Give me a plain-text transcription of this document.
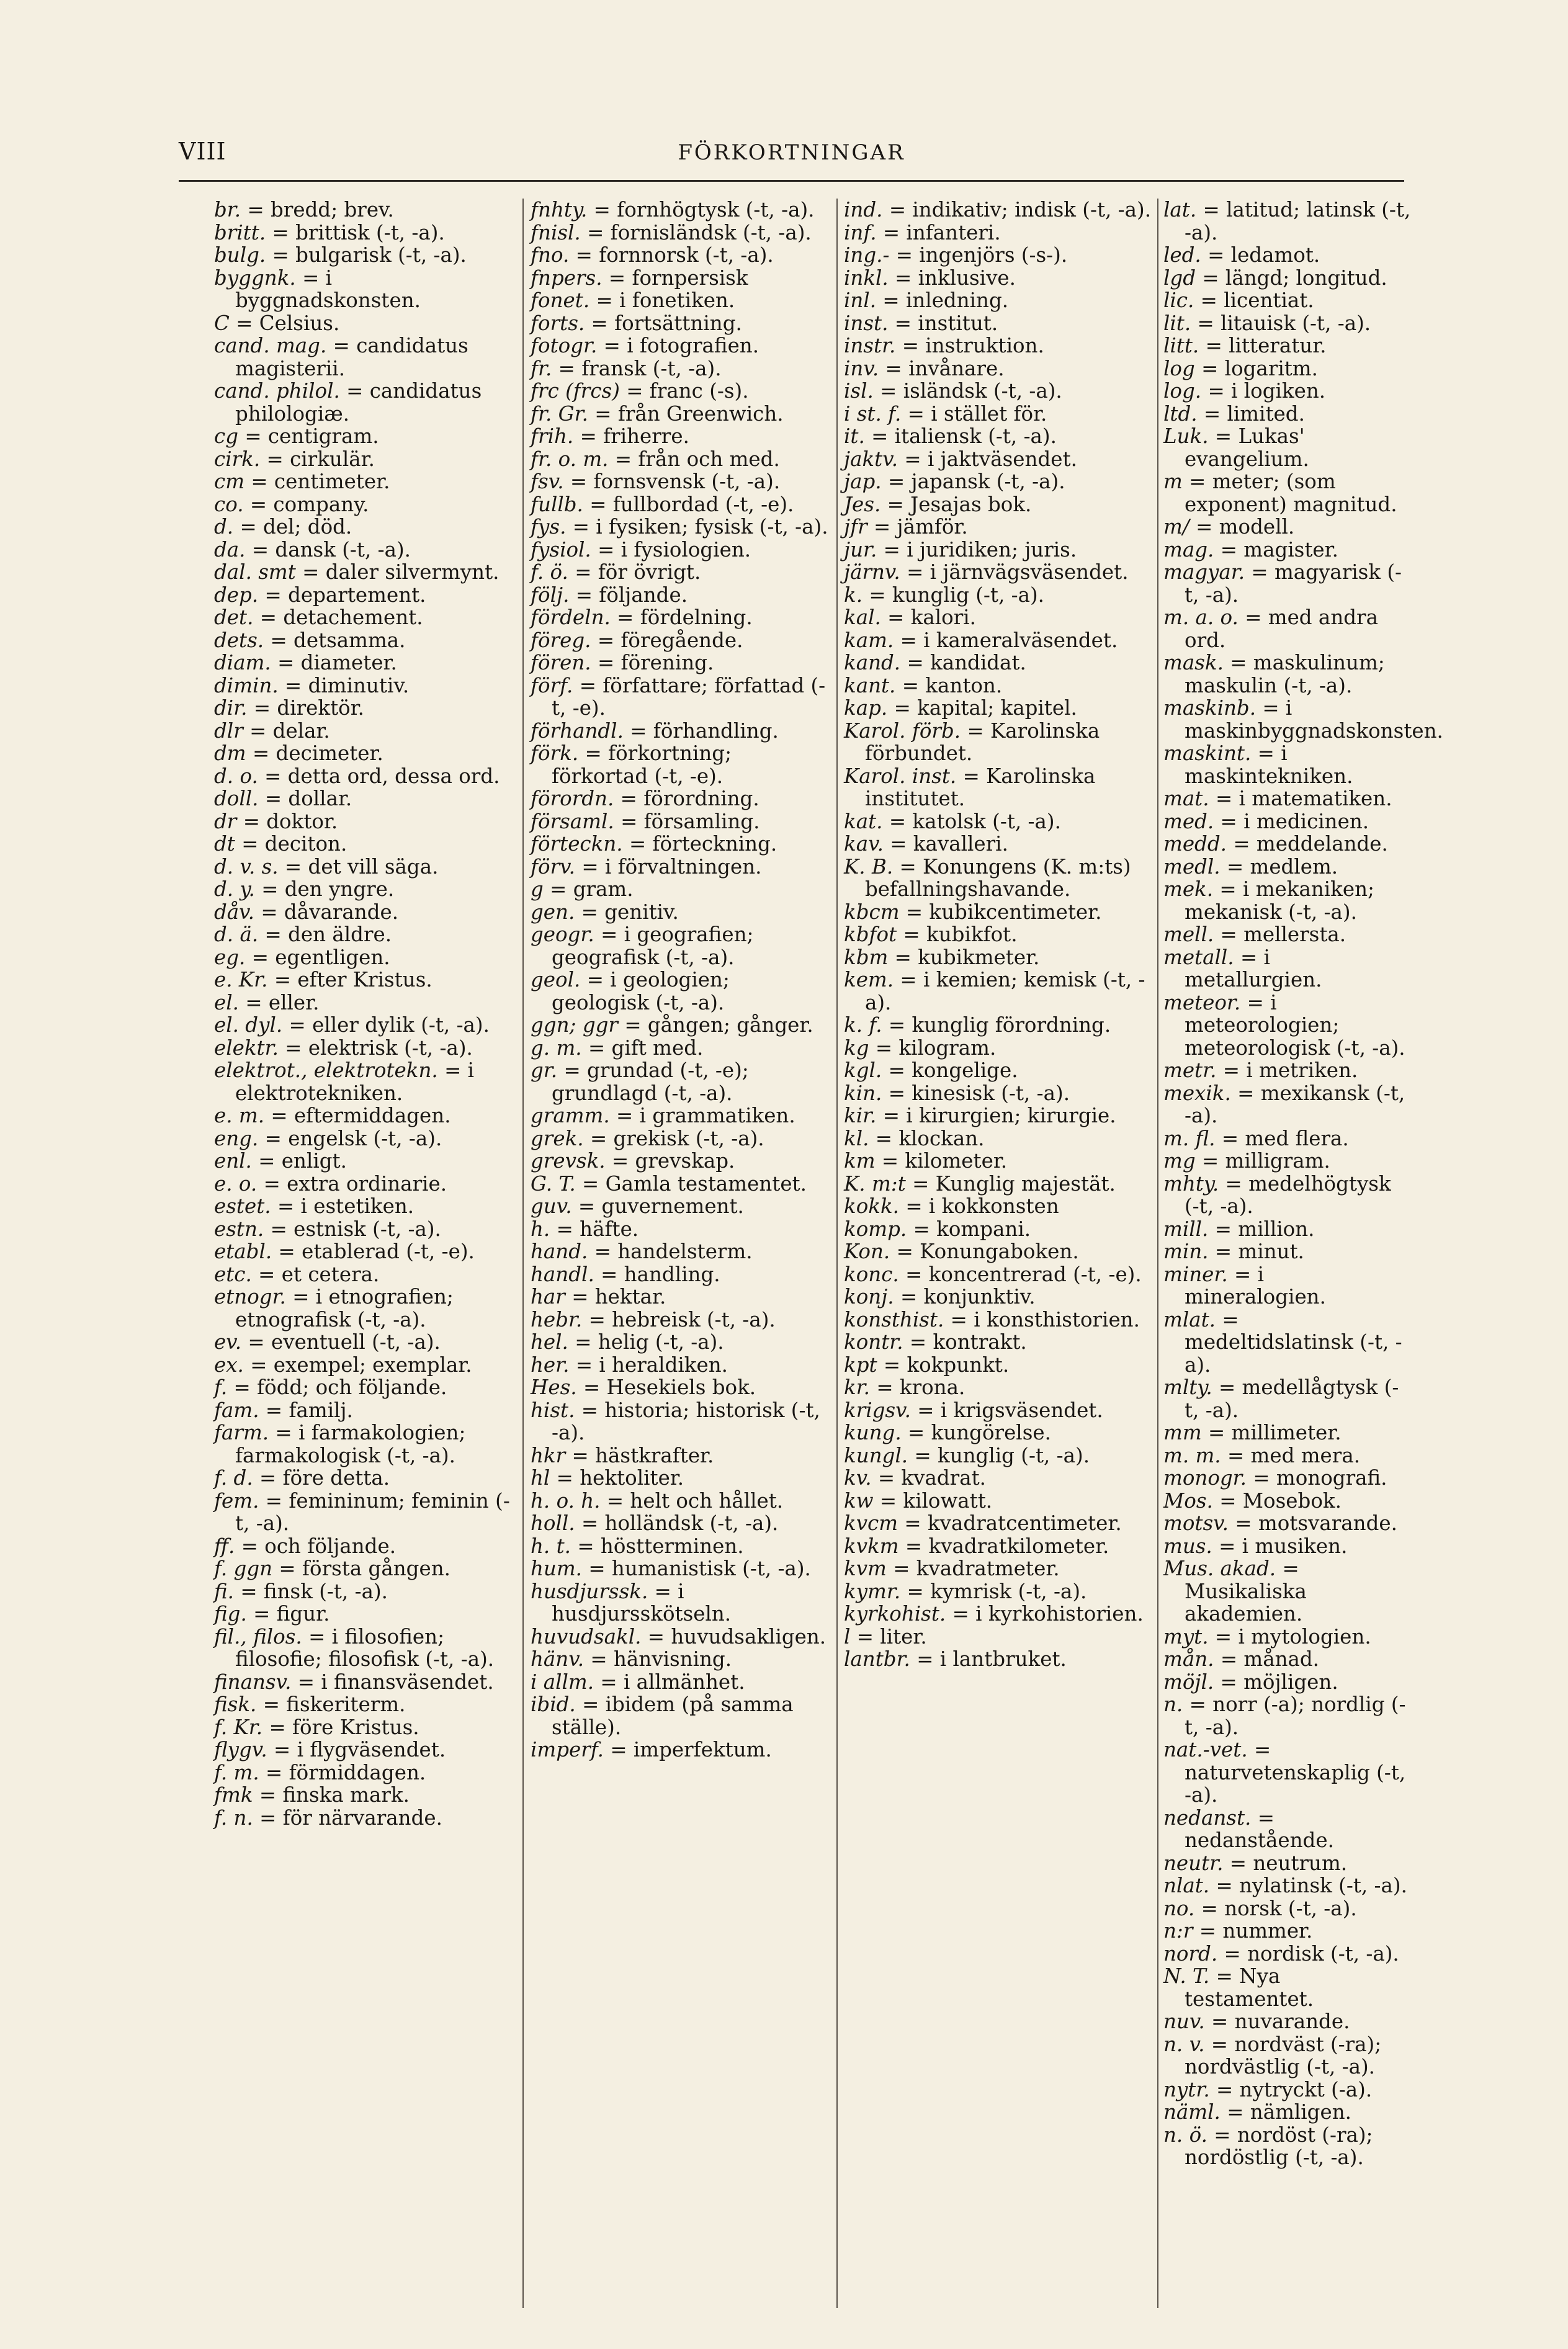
VIII	FÖRKORTNINGAR
br. = bredd; brev.
britt. = brittisk (-t, -a).
bulg. = bulgarisk (-t, -a).
byggnk. = i byggnadskonsten.
C = Celsius.
cand. mag. = candidatus magisterii.
cand. philol. = candidatus philologiæ.
cg = centigram.
cirk. = cirkulär.
cm = centimeter.
co. = company.
d. = del; död.
da. = dansk (-t, -a).
dal. smt = daler silvermynt.
dep. = departement.
det. = detachement.
dets. = detsamma.
diam. = diameter.
dimin. = diminutiv.
dir. = direktör.
dlr = delar.
dm = decimeter.
d. o. = detta ord, dessa ord.
doll. = dollar.
dr = doktor.
dt = deciton.
d. v. s. = det vill säga.
d. y. = den yngre.
dåv. = dåvarande.
d. ä. = den äldre.
eg. = egentligen.
e. Kr. = efter Kristus.
el. = eller.
el. dyl. = eller dylik (-t, -a).
elektr. = elektrisk (-t, -a).
elektrot., elektrotekn. = i elektrotekniken.
e. m. = eftermiddagen.
eng. = engelsk (-t, -a).
enl. = enligt.
e. o. = extra ordinarie.
estet. = i estetiken.
estn. = estnisk (-t, -a).
etabl. = etablerad (-t, -e).
etc. = et cetera.
etnogr. = i etnografien; etnografisk (-t, -a).
ev. = eventuell (-t, -a).
ex. = exempel; exemplar.
f. = född; och följande.
fam. = familj.
farm. = i farmakologien; farmakologisk (-t, -a).
f. d. = före detta.
fem. = femininum; feminin (-t, -a).
ff. = och följande.
f. ggn = första gången.
fi. = finsk (-t, -a).
fig. = figur.
fil., filos. = i filosofien; filosofie; filosofisk (-t, -a).
finansv. = i finansväsendet.
fisk. = fiskeriterm.
f. Kr. = före Kristus.
flygv. = i flygväsendet.
f. m. = förmiddagen.
fmk = finska mark.
f. n. = för närvarande.
fnhty. = fornhögtysk (-t, -a).
fnisl. = fornisländsk (-t, -a).
fno. = fornnorsk (-t, -a).
fnpers. = fornpersisk
fonet. = i fonetiken.
forts. = fortsättning.
fotogr. = i fotografien.
fr. = fransk (-t, -a).
frc (frcs) = franc (-s).
fr. Gr. = från Greenwich.
frih. = friherre.
fr. o. m. = från och med.
fsv. = fornsvensk (-t, -a).
fullb. = fullbordad (-t, -e).
fys. = i fysiken; fysisk (-t, -a).
fysiol. = i fysiologien.
f. ö. = för övrigt.
följ. = följande.
fördeln. = fördelning.
föreg. = föregående.
fören. = förening.
förf. = författare; författad (-t, -e).
förhandl. = förhandling.
förk. = förkortning; förkortad (-t, -e).
förordn. = förordning.
församl. = församling.
förteckn. = förteckning.
förv. = i förvaltningen.
g = gram.
gen. = genitiv.
geogr. = i geografien; geografisk (-t, -a).
geol. = i geologien; geologisk (-t, -a).
ggn; ggr = gången; gånger.
g. m. = gift med.
gr. = grundad (-t, -e); grundlagd (-t, -a).
gramm. = i grammatiken.
grek. = grekisk (-t, -a).
grevsk. = grevskap.
G. T. = Gamla testamentet.
guv. = guvernement.
h. = häfte.
hand. = handelsterm.
handl. = handling.
har = hektar.
hebr. = hebreisk (-t, -a).
hel. = helig (-t, -a).
her. = i heraldiken.
Hes. = Hesekiels bok.
hist. = historia; historisk (-t, -a).
hkr = hästkrafter.
hl = hektoliter.
h. o. h. = helt och hållet.
holl. = holländsk (-t, -a).
h. t. = höstterminen.
hum. = humanistisk (-t, -a).
husdjurssk. = i husdjursskötseln.
huvudsakl. = huvudsakligen.
hänv. = hänvisning.
i allm. = i allmänhet.
ibid. = ibidem (på samma ställe).
imperf. = imperfektum.
ind. = indikativ; indisk (-t, -a).
inf. = infanteri.
ing.- = ingenjörs (-s-).
inkl. = inklusive.
inl. = inledning.
inst. = institut.
instr. = instruktion.
inv. = invånare.
isl. = isländsk (-t, -a).
i st. f. = i stället för.
it. = italiensk (-t, -a).
jaktv. = i jaktväsendet.
jap. = japansk (-t, -a).
Jes. = Jesajas bok.
jfr = jämför.
jur. = i juridiken; juris.
järnv. = i järnvägsväsendet.
k. = kunglig (-t, -a).
kal. = kalori.
kam. = i kameralväsendet.
kand. = kandidat.
kant. = kanton.
kap. = kapital; kapitel.
Karol. förb. = Karolinska förbundet.
Karol. inst. = Karolinska institutet.
kat. = katolsk (-t, -a).
kav. = kavalleri.
K. B. = Konungens (K. m:ts) befallningshavande.
kbcm = kubikcentimeter.
kbfot = kubikfot.
kbm = kubikmeter.
kem. = i kemien; kemisk (-t, -a).
k. f. = kunglig förordning.
kg = kilogram.
kgl. = kongelige.
kin. = kinesisk (-t, -a).
kir. = i kirurgien; kirurgie.
kl. = klockan.
km = kilometer.
K. m:t = Kunglig majestät.
kokk. = i kokkonsten
komp. = kompani.
Kon. = Konungaboken.
konc. = koncentrerad (-t, -e).
konj. = konjunktiv.
konsthist. = i konsthistorien.
kontr. = kontrakt.
kpt = kokpunkt.
kr. = krona.
krigsv. = i krigsväsendet.
kung. = kungörelse.
kungl. = kunglig (-t, -a).
kv. = kvadrat.
kw = kilowatt.
kvcm = kvadratcentimeter.
kvkm = kvadratkilometer.
kvm = kvadratmeter.
kymr. = kymrisk (-t, -a).
kyrkohist. = i kyrkohistorien.
l = liter.
lantbr. = i lantbruket.
lat. = latitud; latinsk (-t, -a).
led. = ledamot.
lgd = längd; longitud.
lic. = licentiat.
lit. = litauisk (-t, -a).
litt. = litteratur.
log = logaritm.
log. = i logiken.
ltd. = limited.
Luk. = Lukas' evangelium.
m = meter; (som exponent) magnitud.
m/ = modell.
mag. = magister.
magyar. = magyarisk (-t, -a).
m. a. o. = med andra ord.
mask. = maskulinum; maskulin (-t, -a).
maskinb. = i maskinbyggnadskonsten.
maskint. = i maskintekniken.
mat. = i matematiken.
med. = i medicinen.
medd. = meddelande.
medl. = medlem.
mek. = i mekaniken; mekanisk (-t, -a).
mell. = mellersta.
metall. = i metallurgien.
meteor. = i meteorologien; meteorologisk (-t, -a).
metr. = i metriken.
mexik. = mexikansk (-t, -a).
m. fl. = med flera.
mg = milligram.
mhty. = medelhögtysk (-t, -a).
mill. = million.
min. = minut.
miner. = i mineralogien.
mlat. = medeltidslatinsk (-t, -a).
mlty. = medellågtysk (-t, -a).
mm = millimeter.
m. m. = med mera.
monogr. = monografi.
Mos. = Mosebok.
motsv. = motsvarande.
mus. = i musiken.
Mus. akad. = Musikaliska akademien.
myt. = i mytologien.
mån. = månad.
möjl. = möjligen.
n. = norr (-a); nordlig (-t, -a).
nat.-vet. = naturvetenskaplig (-t, -a).
nedanst. = nedanstående.
neutr. = neutrum.
nlat. = nylatinsk (-t, -a).
no. = norsk (-t, -a).
n:r = nummer.
nord. = nordisk (-t, -a).
N. T. = Nya testamentet.
nuv. = nuvarande.
n. v. = nordväst (-ra); nordvästlig (-t, -a).
nytr. = nytryckt (-a).
näml. = nämligen.
n. ö. = nordöst (-ra); nordöstlig (-t, -a).
